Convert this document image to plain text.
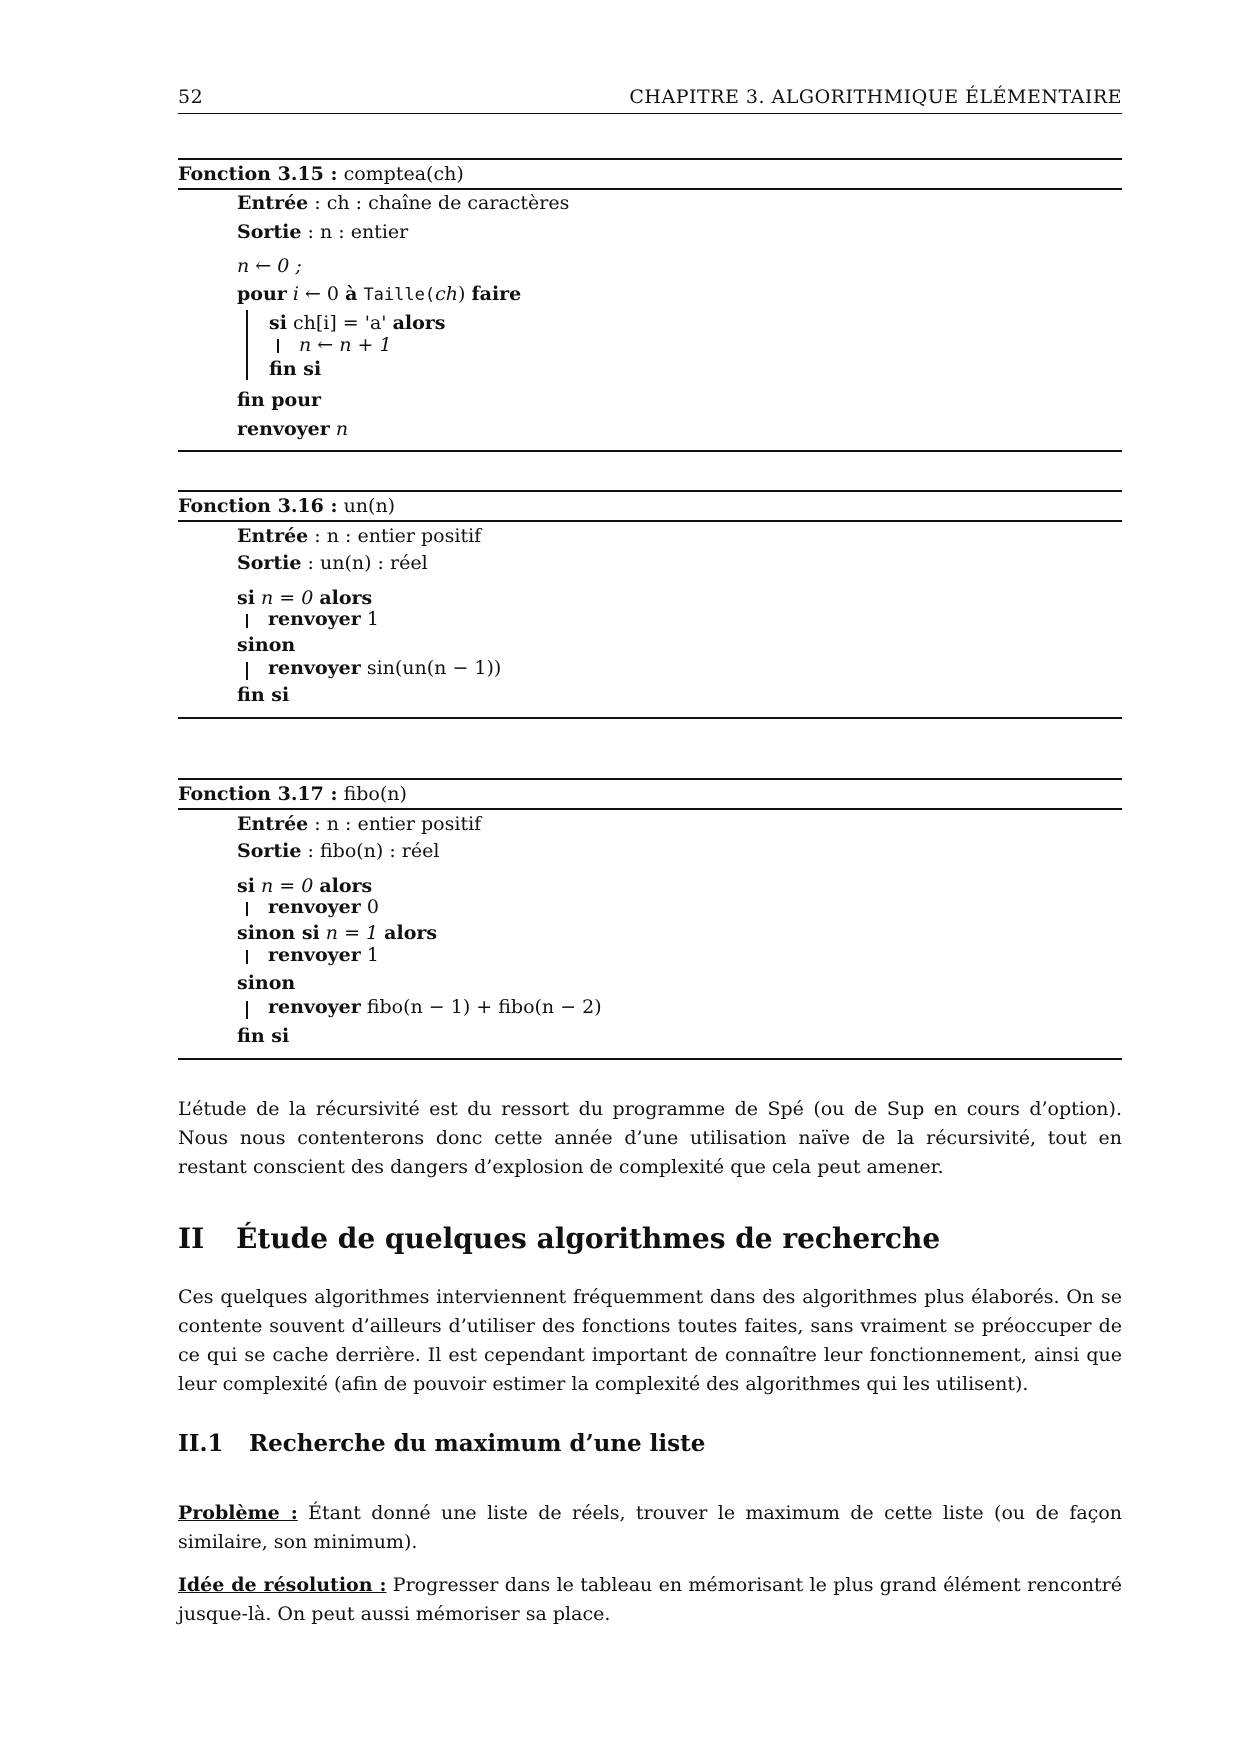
52	CHAPITRE 3. ALGORITHMIQUE ÉLÉMENTAIRE
Fonction 3.15 : comptea(ch)
Entrée : ch : chaîne de caractères
Sortie : n : entier
n ← 0 ;
pour i ← 0 à Taille(ch) faire
si ch[i] = 'a' alors
n ← n + 1
fin si
fin pour
renvoyer n
Fonction 3.16 : un(n)
Entrée : n : entier positif
Sortie : un(n) : réel
si n = 0 alors
renvoyer 1
sinon
renvoyer sin(un(n − 1))
fin si
Fonction 3.17 : fibo(n)
Entrée : n : entier positif
Sortie : fibo(n) : réel
si n = 0 alors
renvoyer 0
sinon si n = 1 alors
renvoyer 1
sinon
renvoyer fibo(n − 1) + fibo(n − 2)
fin si
L’étude de la récursivité est du ressort du programme de Spé (ou de Sup en cours d’option). Nous nous contenterons donc cette année d’une utilisation naïve de la récursivité, tout en restant conscient des dangers d’explosion de complexité que cela peut amener.
II Étude de quelques algorithmes de recherche
Ces quelques algorithmes interviennent fréquemment dans des algorithmes plus élaborés. On se contente souvent d’ailleurs d’utiliser des fonctions toutes faites, sans vraiment se préoccuper de ce qui se cache derrière. Il est cependant important de connaître leur fonctionnement, ainsi que leur complexité (afin de pouvoir estimer la complexité des algorithmes qui les utilisent).
II.1 Recherche du maximum d’une liste
Problème : Étant donné une liste de réels, trouver le maximum de cette liste (ou de façon similaire, son minimum).
Idée de résolution : Progresser dans le tableau en mémorisant le plus grand élément rencontré jusque-là. On peut aussi mémoriser sa place.
